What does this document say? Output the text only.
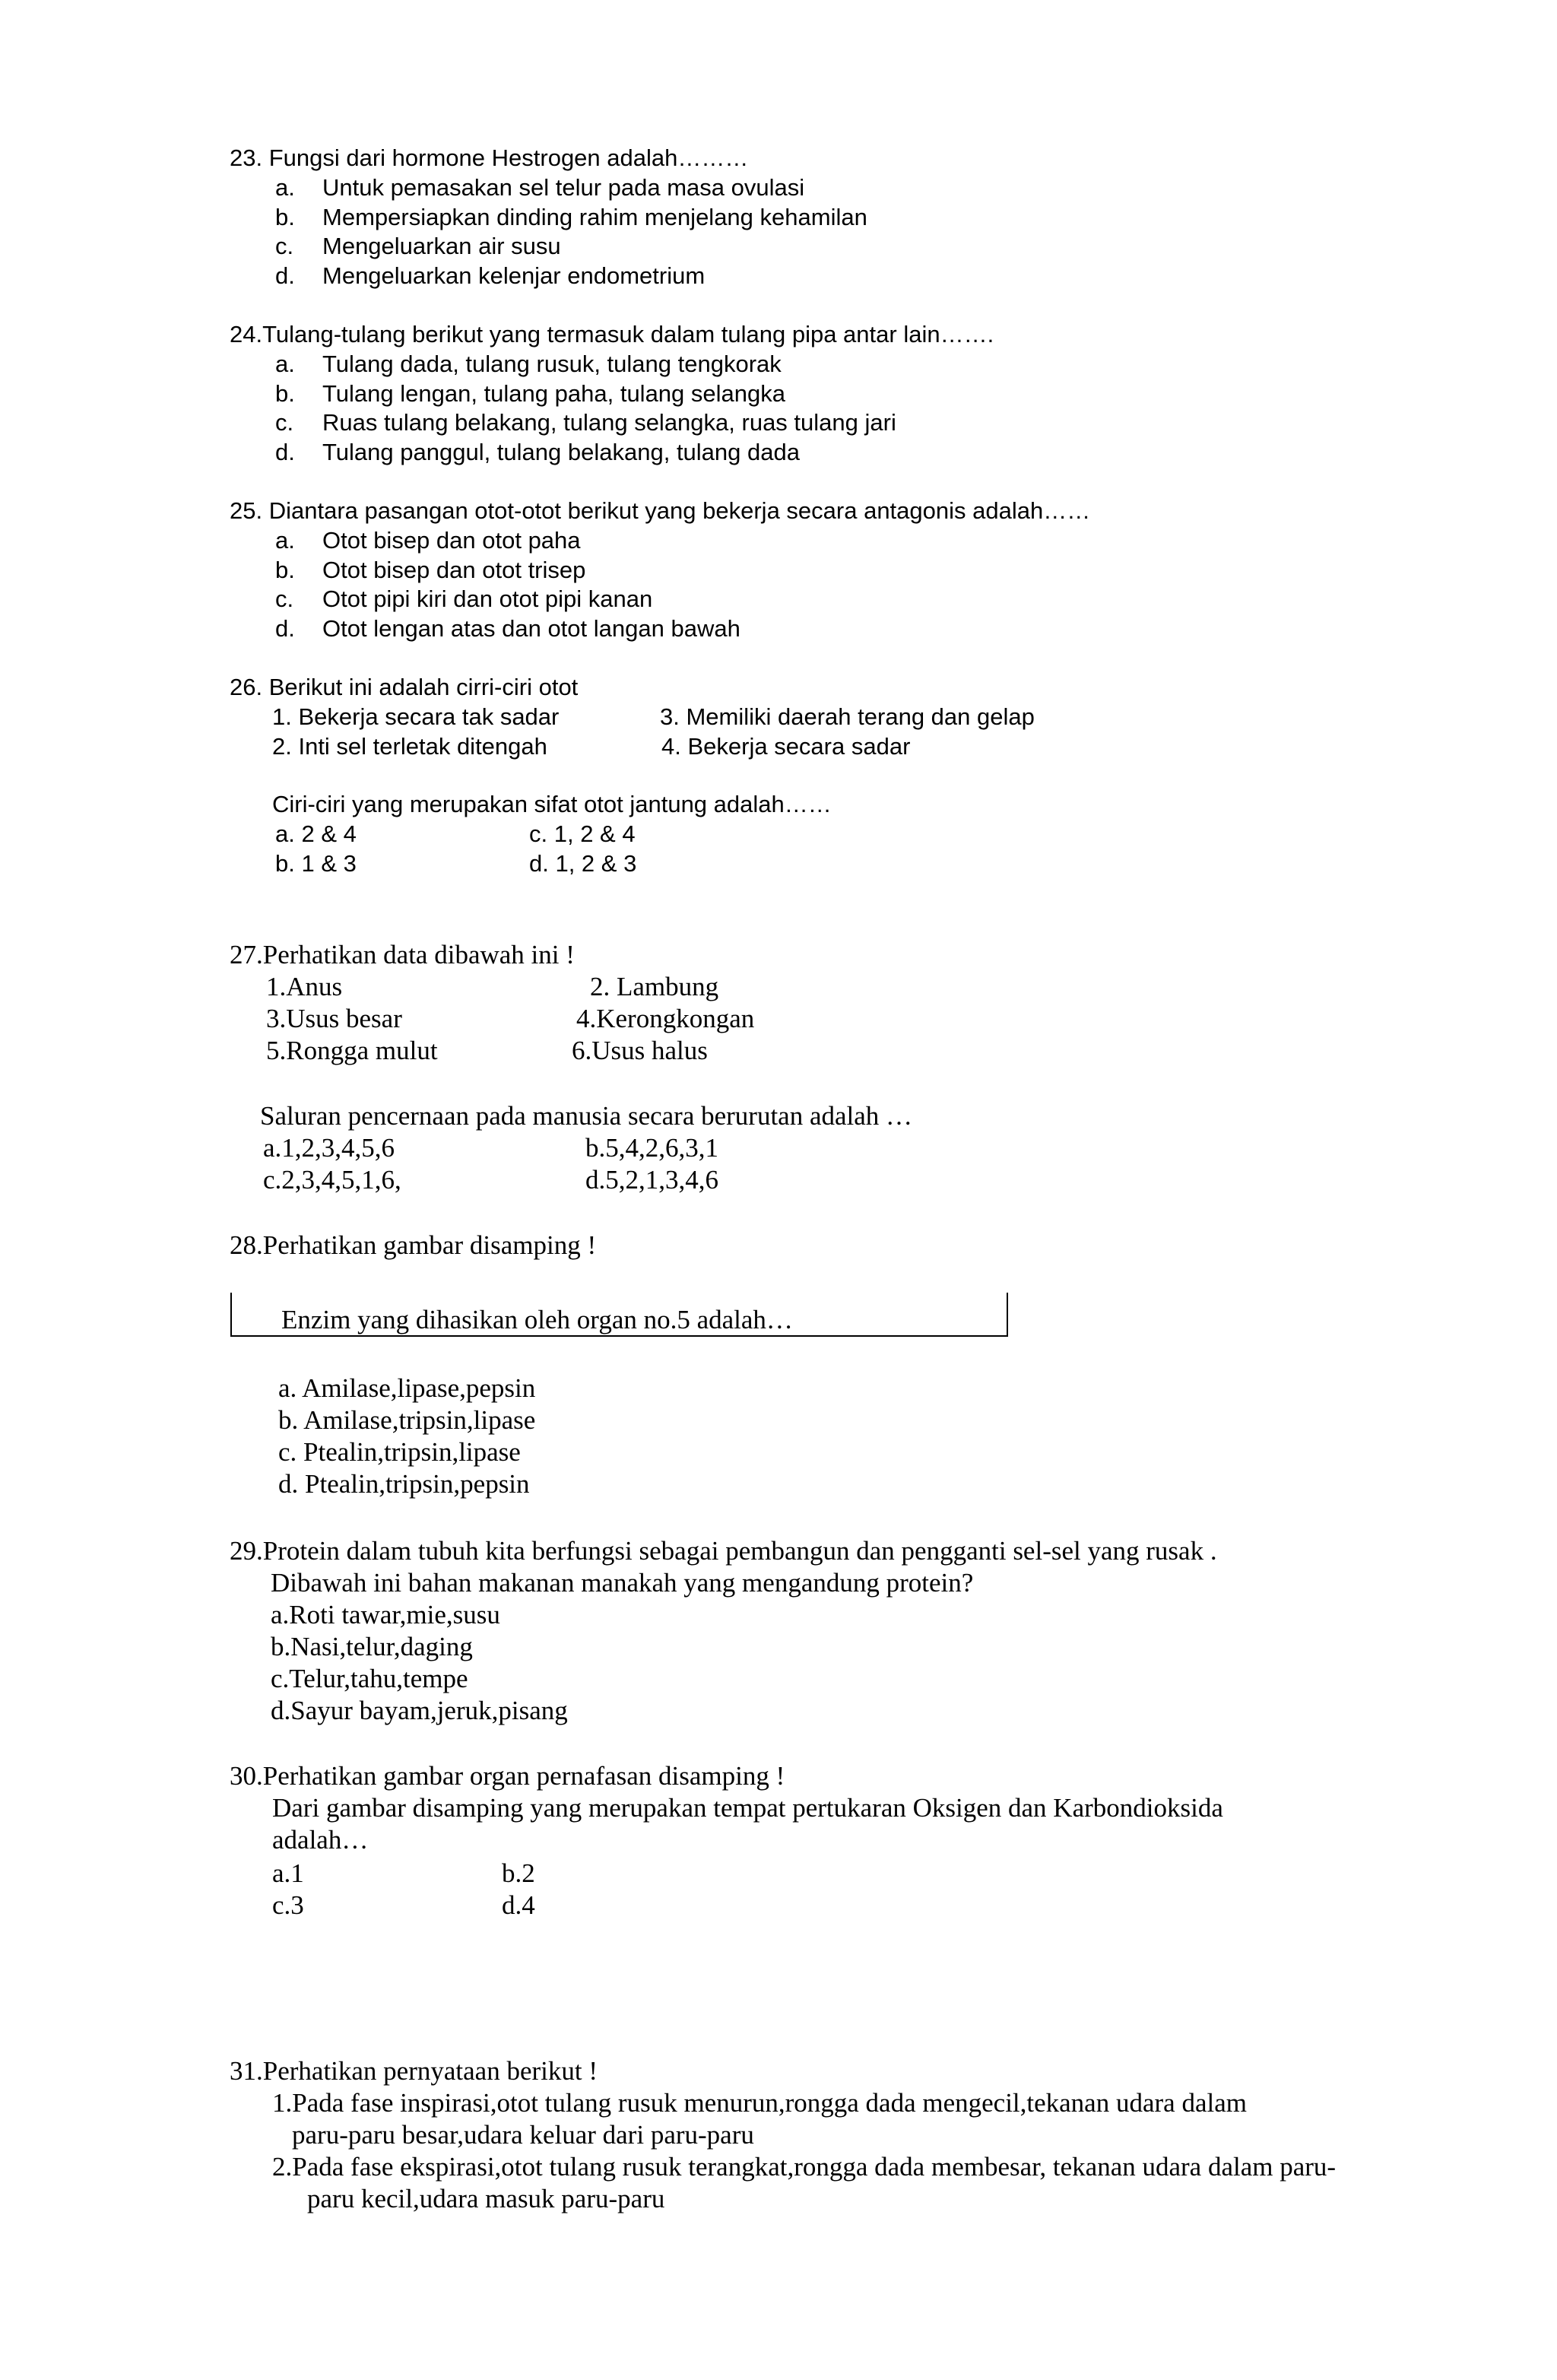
23. Fungsi dari hormone Hestrogen adalah………
a. Untuk pemasakan sel telur pada masa ovulasi
b. Mempersiapkan dinding rahim menjelang kehamilan
c. Mengeluarkan air susu
d. Mengeluarkan kelenjar endometrium
24.Tulang-tulang berikut yang termasuk dalam tulang pipa antar lain…….
a. Tulang dada, tulang rusuk, tulang tengkorak
b. Tulang lengan, tulang paha, tulang selangka
c. Ruas tulang belakang, tulang selangka, ruas tulang jari
d. Tulang panggul, tulang belakang, tulang dada
25. Diantara pasangan otot-otot berikut yang bekerja secara antagonis adalah……
a. Otot bisep dan otot paha
b. Otot bisep dan otot trisep
c. Otot pipi kiri dan otot pipi kanan
d. Otot lengan atas dan otot langan bawah
26. Berikut ini adalah cirri-ciri otot
1. Bekerja secara tak sadar	3. Memiliki daerah terang dan gelap
2. Inti sel terletak ditengah	4. Bekerja secara sadar
Ciri-ciri yang merupakan sifat otot jantung adalah……
a. 2 & 4	c. 1, 2 & 4
b. 1 & 3	d. 1, 2 & 3
27.Perhatikan data dibawah ini !
1.Anus	2. Lambung
3.Usus besar	4.Kerongkongan
5.Rongga mulut	6.Usus halus
Saluran pencernaan pada manusia secara berurutan adalah …
a.1,2,3,4,5,6	b.5,4,2,6,3,1
c.2,3,4,5,1,6,	d.5,2,1,3,4,6
28.Perhatikan gambar disamping !
Enzim yang dihasikan oleh organ no.5 adalah…
a. Amilase,lipase,pepsin
b. Amilase,tripsin,lipase
c. Ptealin,tripsin,lipase
d. Ptealin,tripsin,pepsin
29.Protein dalam tubuh kita berfungsi sebagai pembangun dan pengganti sel-sel yang rusak .
Dibawah ini bahan makanan manakah yang mengandung protein?
a.Roti tawar,mie,susu
b.Nasi,telur,daging
c.Telur,tahu,tempe
d.Sayur bayam,jeruk,pisang
30.Perhatikan gambar organ pernafasan disamping !
Dari gambar disamping yang merupakan tempat pertukaran Oksigen dan Karbondioksida
adalah…
a.1	b.2
c.3	d.4
31.Perhatikan pernyataan berikut !
1.Pada fase inspirasi,otot tulang rusuk menurun,rongga dada mengecil,tekanan udara dalam
paru-paru besar,udara keluar dari paru-paru
2.Pada fase ekspirasi,otot tulang rusuk terangkat,rongga dada membesar, tekanan udara dalam paru-
paru kecil,udara masuk paru-paru
